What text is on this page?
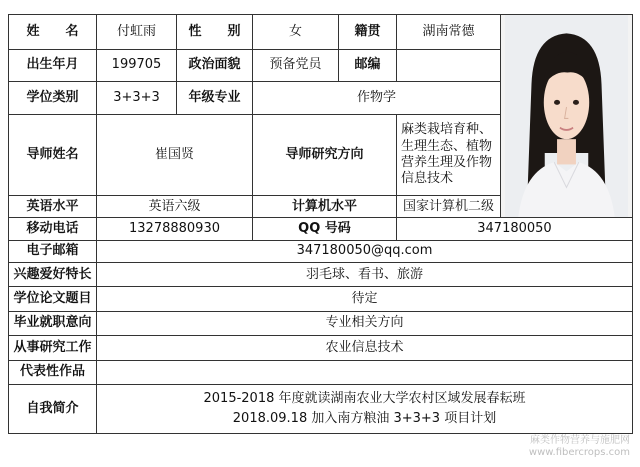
姓　　名	付虹雨	性　　别	女	籍贯	湖南常德	

出生年月	199705	政治面貌	预备党员	邮编		
学位类别	3+3+3	年级专业	作物学			
导师姓名	崔国贤		导师研究方向		麻类栽培育种、生理生态、植物营养生理及作物信息技术	
英语水平	英语六级		计算机水平		国家计算机二级	
移动电话	13278880930		QQ 号码		347180050	
电子邮箱	347180050@qq.com					
兴趣爱好特长	羽毛球、看书、旅游					
学位论文题目	待定					
毕业就职意向	专业相关方向					
从事研究工作	农业信息技术					
代表性作品						
自我简介	2015-2018 年度就读湖南农业大学农村区域发展春耘班
2018.09.18 加入南方粮油 3+3+3 项目计划					
麻类作物营养与施肥网
www.fibercrops.com
